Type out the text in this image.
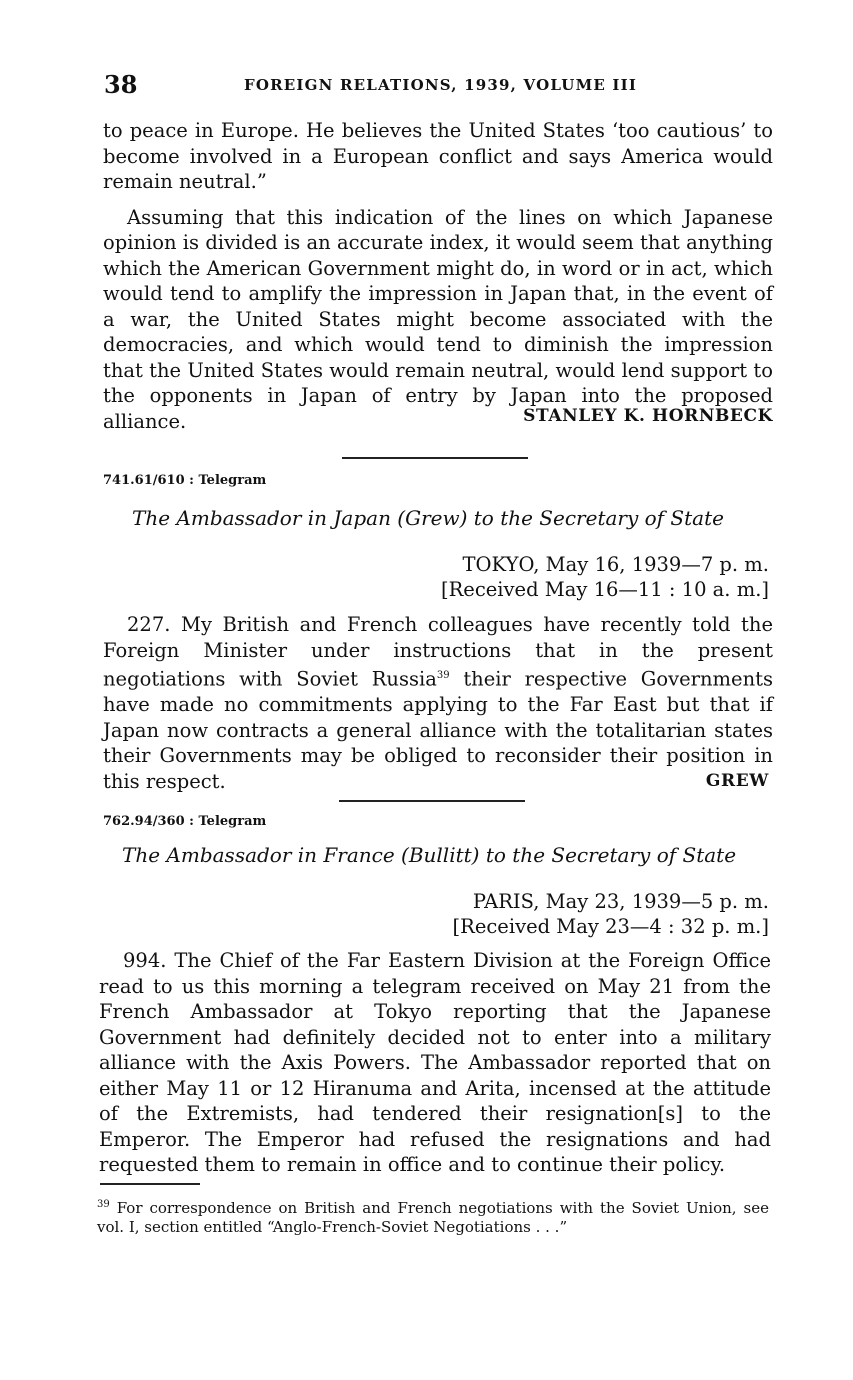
38	FOREIGN RELATIONS, 1939, VOLUME III

to peace in Europe. He believes the United States ‘too cautious’ to become involved in a European conflict and says America would remain neutral.”

Assuming that this indication of the lines on which Japanese opinion is divided is an accurate index, it would seem that anything which the American Government might do, in word or in act, which would tend to amplify the impression in Japan that, in the event of a war, the United States might become associated with the democracies, and which would tend to diminish the impression that the United States would remain neutral, would lend support to the opponents in Japan of entry by Japan into the proposed alliance.	STANLEY K. HORNBECK
741.61/610 : Telegram
The Ambassador in Japan (Grew) to the Secretary of State
TOKYO, May 16, 1939—7 p. m.
[Received May 16—11 : 10 a. m.]

227. My British and French colleagues have recently told the Foreign Minister under instructions that in the present negotiations with Soviet Russia$^{39}$ their respective Governments have made no commitments applying to the Far East but that if Japan now contracts a general alliance with the totalitarian states their Governments may be obliged to reconsider their position in this respect.	GREW
762.94/360 : Telegram
The Ambassador in France (Bullitt) to the Secretary of State
PARIS, May 23, 1939—5 p. m.
[Received May 23—4 : 32 p. m.]

994. The Chief of the Far Eastern Division at the Foreign Office read to us this morning a telegram received on May 21 from the French Ambassador at Tokyo reporting that the Japanese Government had definitely decided not to enter into a military alliance with the Axis Powers. The Ambassador reported that on either May 11 or 12 Hiranuma and Arita, incensed at the attitude of the Extremists, had tendered their resignation[s] to the Emperor. The Emperor had refused the resignations and had requested them to remain in office and to continue their policy.

$^{39}$ For correspondence on British and French negotiations with the Soviet Union, see vol. I, section entitled “Anglo-French-Soviet Negotiations . . .”
